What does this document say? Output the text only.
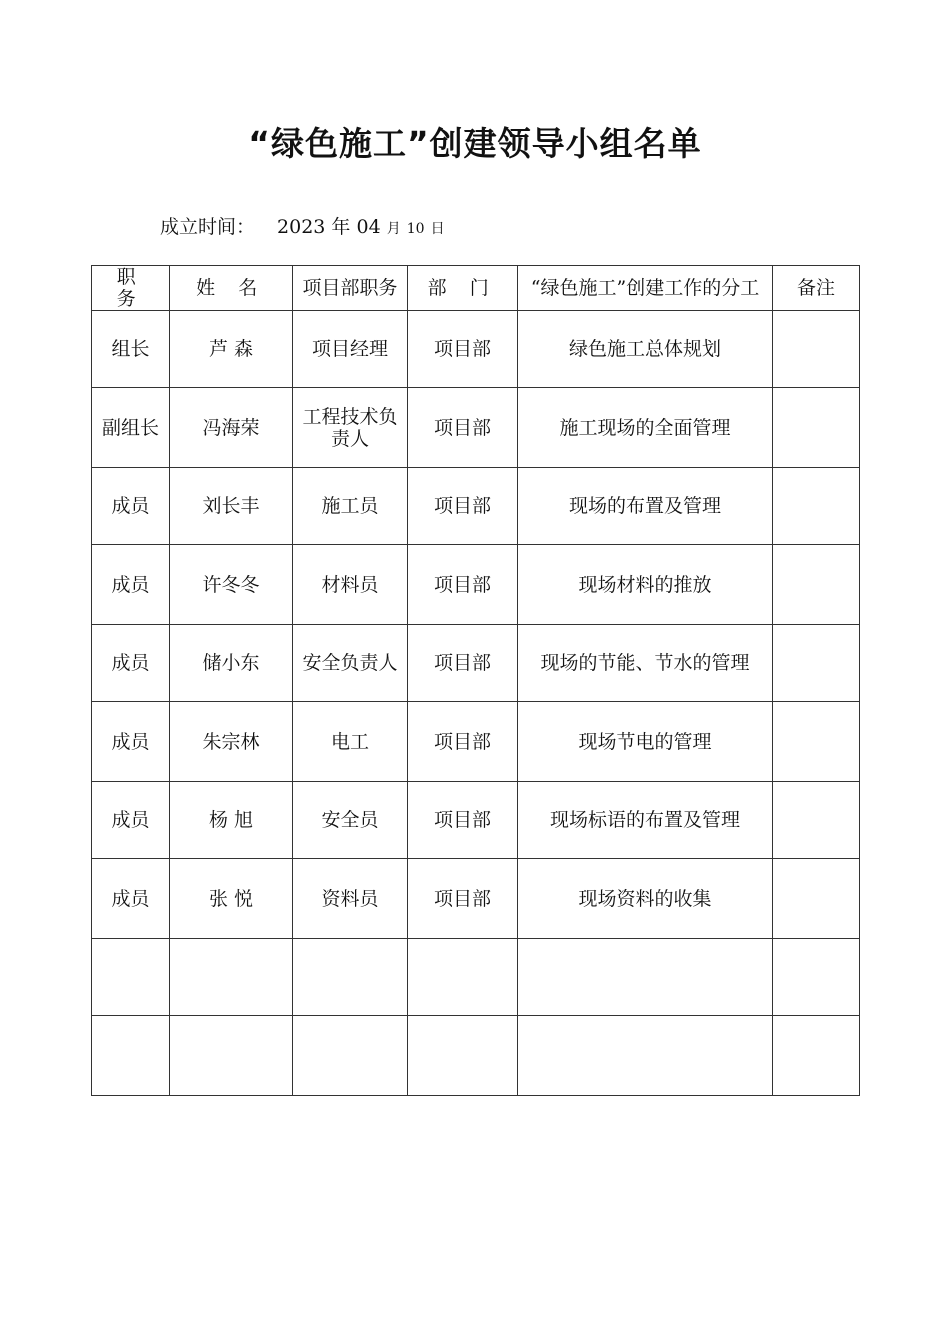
“绿色施工”创建领导小组名单
成立时间： 2023 年 04 月 10 日
职 务	姓 名	项目部职务	部 门	“绿色施工”创建工作的分工	备注
组长	芦 森	项目经理	项目部	绿色施工总体规划	
副组长	冯海荣	工程技术负责人	项目部	施工现场的全面管理	
成员	刘长丰	施工员	项目部	现场的布置及管理	
成员	许冬冬	材料员	项目部	现场材料的推放	
成员	储小东	安全负责人	项目部	现场的节能、节水的管理	
成员	朱宗林	电工	项目部	现场节电的管理	
成员	杨 旭	安全员	项目部	现场标语的布置及管理	
成员	张 悦	资料员	项目部	现场资料的收集	
